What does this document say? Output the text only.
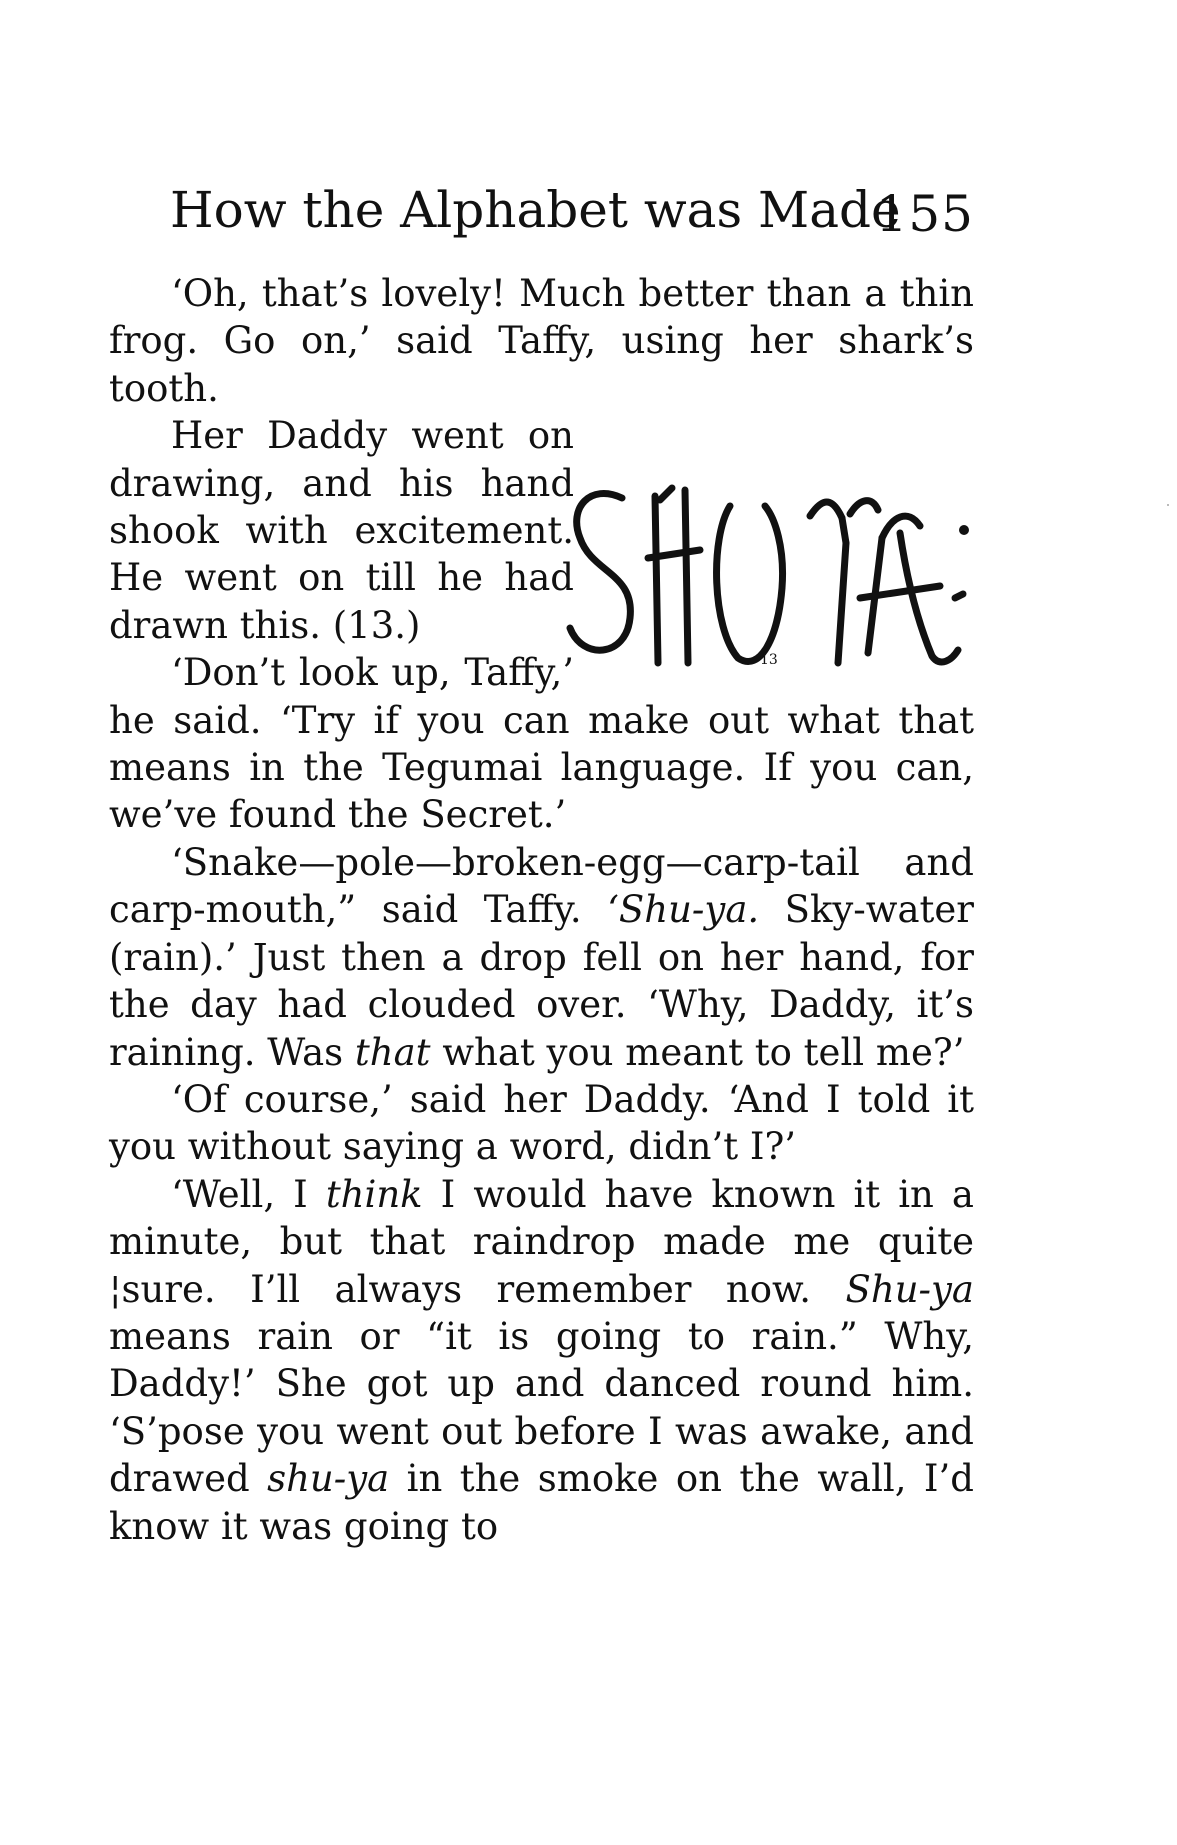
How the Alphabet was Made
155

‘Oh, that’s lovely! Much better than a thin frog. Go on,’ said Taffy, using her shark’s tooth.

Her Daddy went on drawing, and his hand shook with excitement. He went on till he had drawn this. (13.)

‘Don’t look up, Taffy,’ he said. ‘Try if you can make out what that means in the Tegumai language. If you can, we’ve found the Secret.’

‘Snake—pole—broken-egg—carp-tail and carp-mouth,” said Taffy. ‘Shu-ya. Sky-water (rain).’ Just then a drop fell on her hand, for the day had clouded over. ‘Why, Daddy, it’s raining. Was that what you meant to tell me?’

‘Of course,’ said her Daddy. ‘And I told it you without saying a word, didn’t I?’

‘Well, I think I would have known it in a minute, but that raindrop made me quite ¦sure. I’ll always remember now. Shu-ya means rain or “it is going to rain.” Why, Daddy!’ She got up and danced round him. ‘S’pose you went out before I was awake, and drawed shu-ya in the smoke on the wall, I’d know it was going to

13
